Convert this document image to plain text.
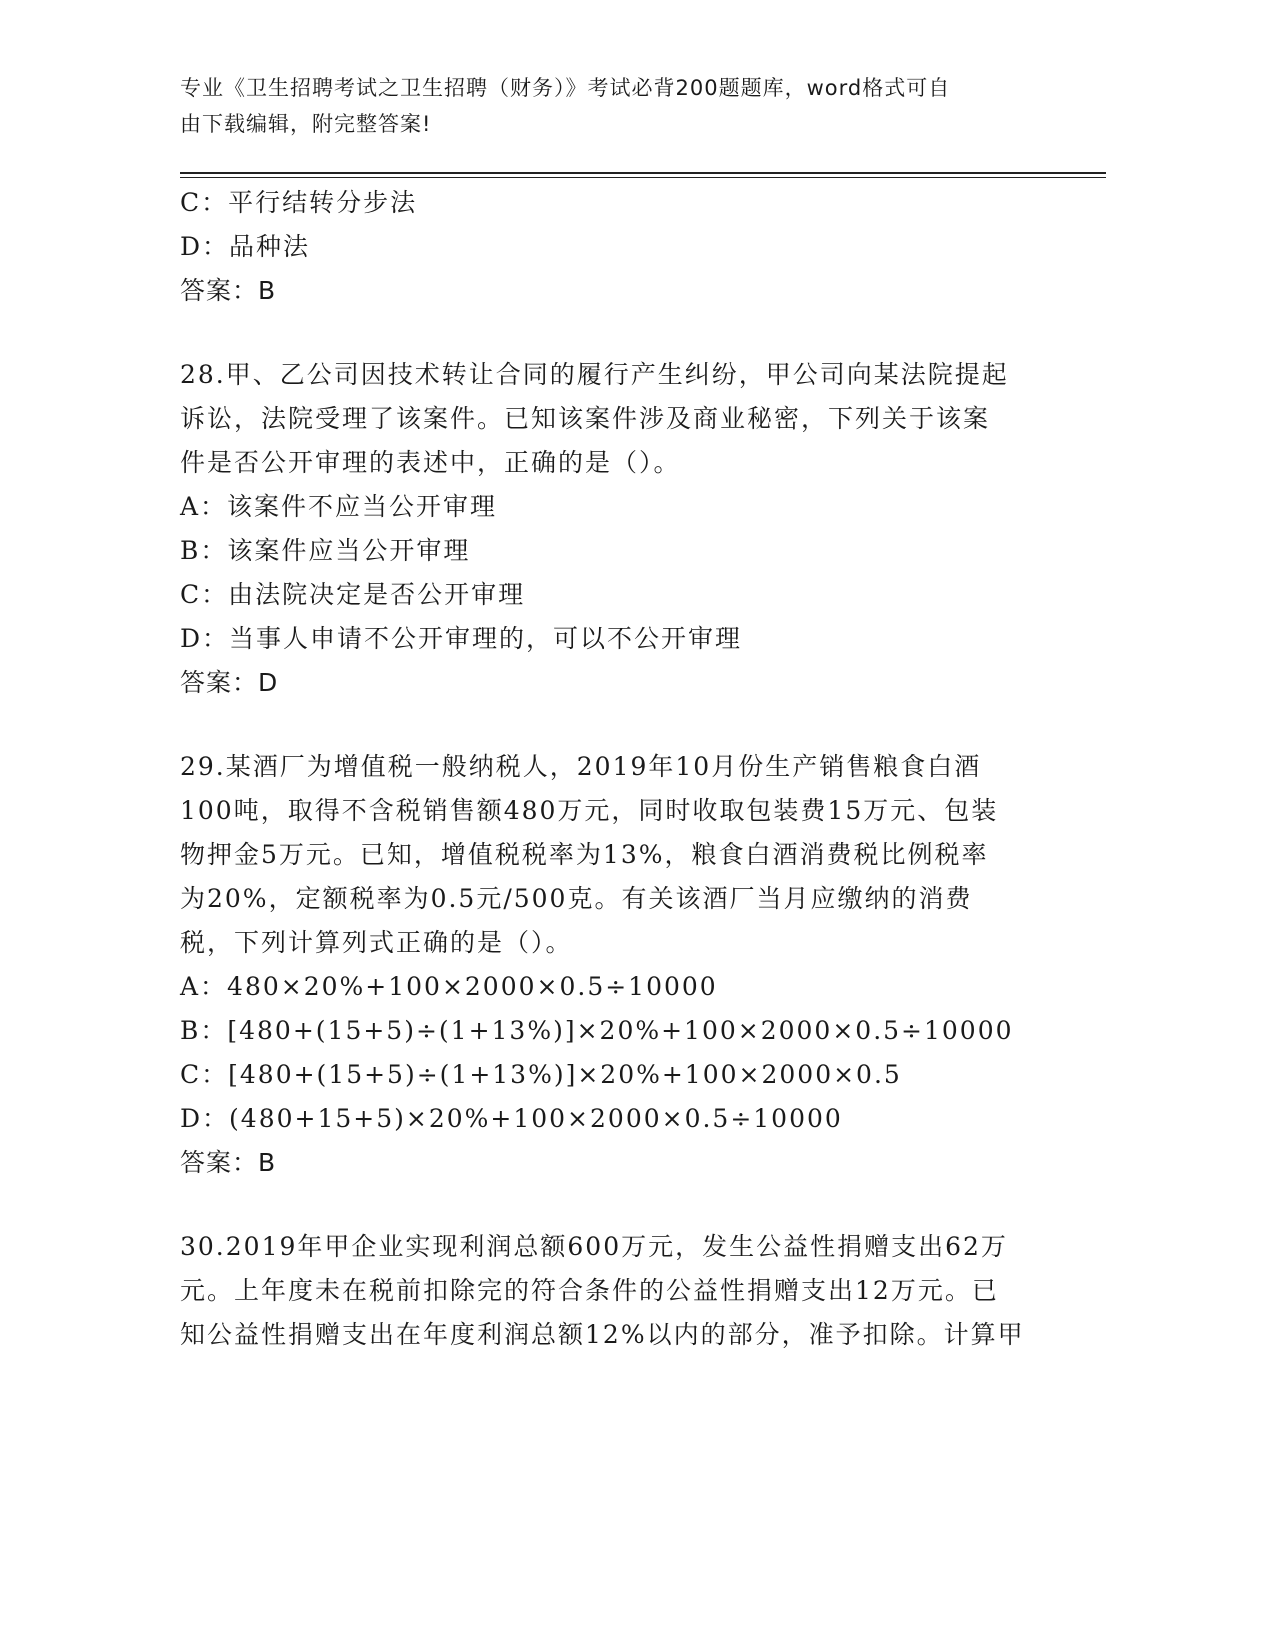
专业《卫生招聘考试之卫生招聘（财务）》考试必背200题题库，word格式可自
由下载编辑，附完整答案!
C：平行结转分步法
D：品种法
答案：B
28.甲、乙公司因技术转让合同的履行产生纠纷，甲公司向某法院提起
诉讼，法院受理了该案件。已知该案件涉及商业秘密，下列关于该案
件是否公开审理的表述中，正确的是（）。
A：该案件不应当公开审理
B：该案件应当公开审理
C：由法院决定是否公开审理
D：当事人申请不公开审理的，可以不公开审理
答案：D
29.某酒厂为增值税一般纳税人，2019年10月份生产销售粮食白酒
100吨，取得不含税销售额480万元，同时收取包装费15万元、包装
物押金5万元。已知，增值税税率为13%，粮食白酒消费税比例税率
为20%，定额税率为0.5元/500克。有关该酒厂当月应缴纳的消费
税，下列计算列式正确的是（）。
A：480×20%+100×2000×0.5÷10000
B：[480+(15+5)÷(1+13%)]×20%+100×2000×0.5÷10000
C：[480+(15+5)÷(1+13%)]×20%+100×2000×0.5
D：(480+15+5)×20%+100×2000×0.5÷10000
答案：B
30.2019年甲企业实现利润总额600万元，发生公益性捐赠支出62万
元。上年度未在税前扣除完的符合条件的公益性捐赠支出12万元。已
知公益性捐赠支出在年度利润总额12%以内的部分，准予扣除。计算甲
